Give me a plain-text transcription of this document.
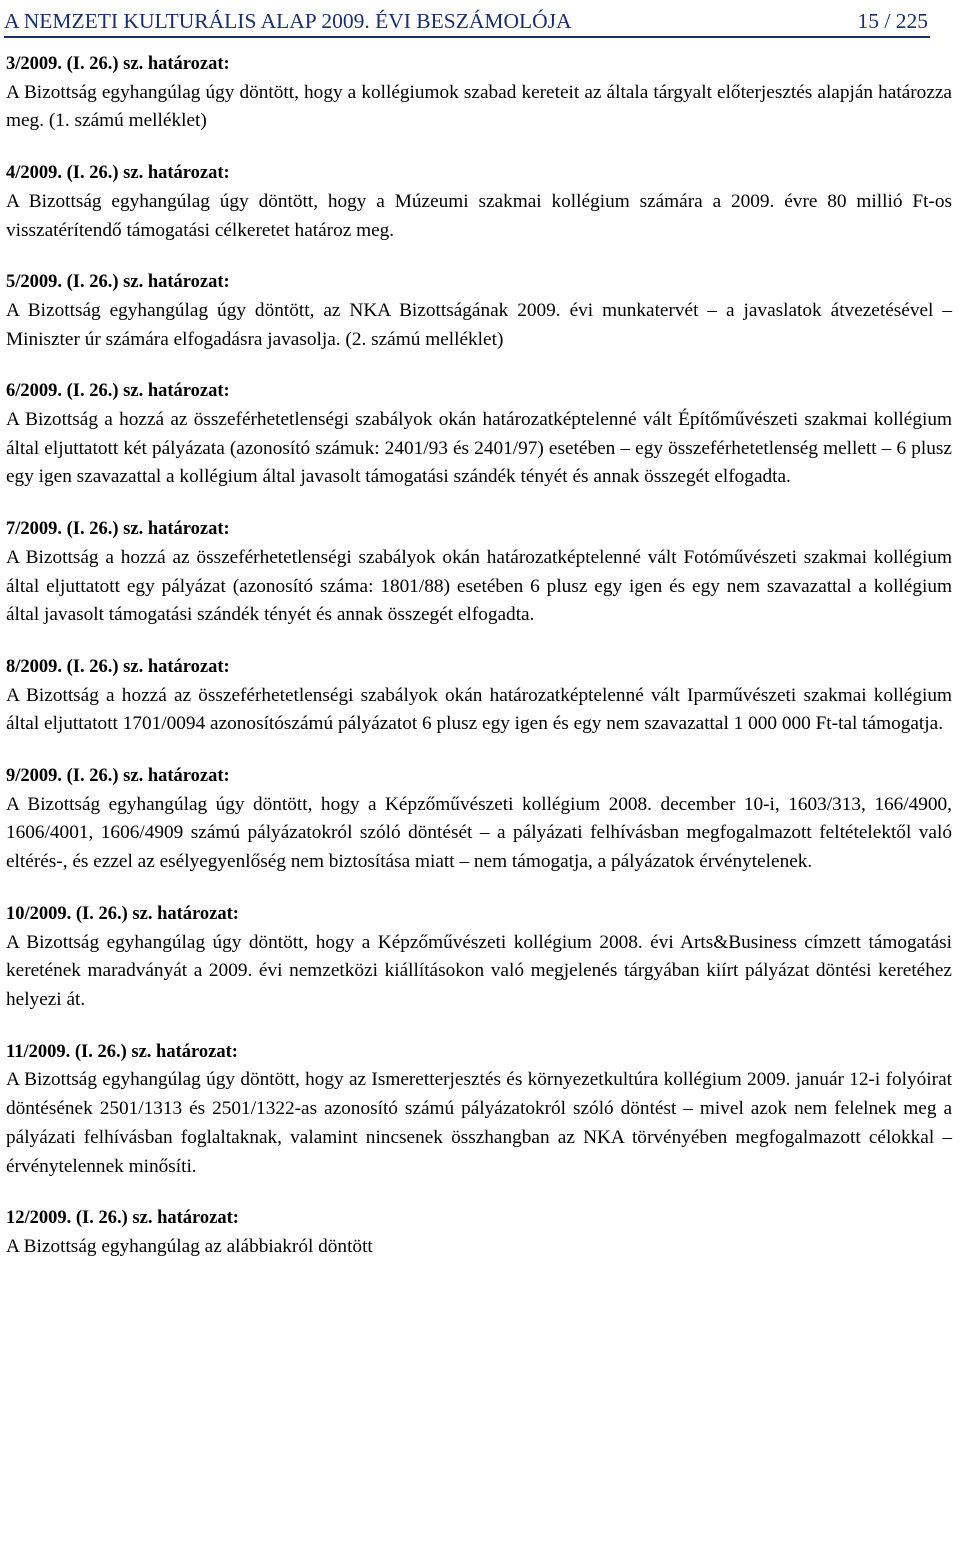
A NEMZETI KULTURÁLIS ALAP 2009. ÉVI BESZÁMOLÓJA	15 / 225
3/2009. (I. 26.) sz. határozat:
A Bizottság egyhangúlag úgy döntött, hogy a kollégiumok szabad kereteit az általa tárgyalt előterjesztés alapján határozza meg. (1. számú melléklet)
4/2009. (I. 26.) sz. határozat:
A Bizottság egyhangúlag úgy döntött, hogy a Múzeumi szakmai kollégium számára a 2009. évre 80 millió Ft-os visszatérítendő támogatási célkeretet határoz meg.
5/2009. (I. 26.) sz. határozat:
A Bizottság egyhangúlag úgy döntött, az NKA Bizottságának 2009. évi munkatervét – a javaslatok átvezetésével – Miniszter úr számára elfogadásra javasolja. (2. számú melléklet)
6/2009. (I. 26.) sz. határozat:
A Bizottság a hozzá az összeférhetetlenségi szabályok okán határozatképtelenné vált Építőművészeti szakmai kollégium által eljuttatott két pályázata (azonosító számuk: 2401/93 és 2401/97) esetében – egy összeférhetetlenség mellett – 6 plusz egy igen szavazattal a kollégium által javasolt támogatási szándék tényét és annak összegét elfogadta.
7/2009. (I. 26.) sz. határozat:
A Bizottság a hozzá az összeférhetetlenségi szabályok okán határozatképtelenné vált Fotóművészeti szakmai kollégium által eljuttatott egy pályázat (azonosító száma: 1801/88) esetében 6 plusz egy igen és egy nem szavazattal a kollégium által javasolt támogatási szándék tényét és annak összegét elfogadta.
8/2009. (I. 26.) sz. határozat:
A Bizottság a hozzá az összeférhetetlenségi szabályok okán határozatképtelenné vált Iparművészeti szakmai kollégium által eljuttatott 1701/0094 azonosítószámú pályázatot 6 plusz egy igen és egy nem szavazattal 1 000 000 Ft-tal támogatja.
9/2009. (I. 26.) sz. határozat:
A Bizottság egyhangúlag úgy döntött, hogy a Képzőművészeti kollégium 2008. december 10-i, 1603/313, 166/4900, 1606/4001, 1606/4909 számú pályázatokról szóló döntését – a pályázati felhívásban megfogalmazott feltételektől való eltérés-, és ezzel az esélyegyenlőség nem biztosítása miatt – nem támogatja, a pályázatok érvénytelenek.
10/2009. (I. 26.) sz. határozat:
A Bizottság egyhangúlag úgy döntött, hogy a Képzőművészeti kollégium 2008. évi Arts&Business címzett támogatási keretének maradványát a 2009. évi nemzetközi kiállításokon való megjelenés tárgyában kiírt pályázat döntési keretéhez helyezi át.
11/2009. (I. 26.) sz. határozat:
A Bizottság egyhangúlag úgy döntött, hogy az Ismeretterjesztés és környezetkultúra kollégium 2009. január 12-i folyóirat döntésének 2501/1313 és 2501/1322-as azonosító számú pályázatokról szóló döntést – mivel azok nem felelnek meg a pályázati felhívásban foglaltaknak, valamint nincsenek összhangban az NKA törvényében megfogalmazott célokkal – érvénytelennek minősíti.
12/2009. (I. 26.) sz. határozat:
A Bizottság egyhangúlag az alábbiakról döntött
